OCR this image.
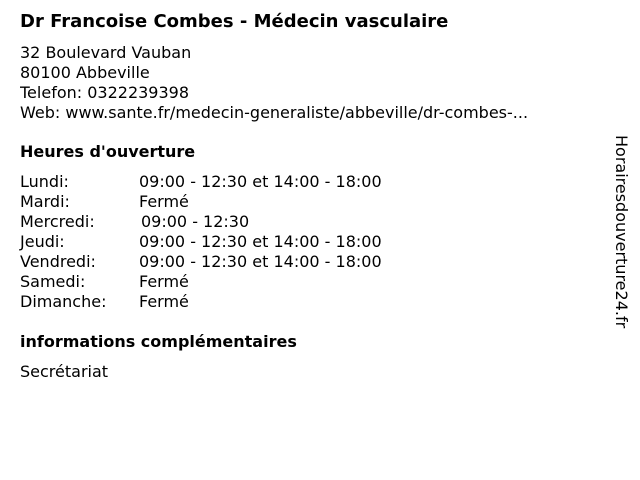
Dr Francoise Combes - Médecin vasculaire
32 Boulevard Vauban
80100 Abbeville
Telefon: 0322239398
Web: www.sante.fr/medecin-generaliste/abbeville/dr-combes-...
Heures d'ouverture
Lundi:	09:00 - 12:30 et 14:00 - 18:00
Mardi:	Fermé
Mercredi:	09:00 - 12:30
Jeudi:	09:00 - 12:30 et 14:00 - 18:00
Vendredi:	09:00 - 12:30 et 14:00 - 18:00
Samedi:	Fermé
Dimanche: Fermé
informations complémentaires
Secrétariat
Horairesdouverture24.fr
